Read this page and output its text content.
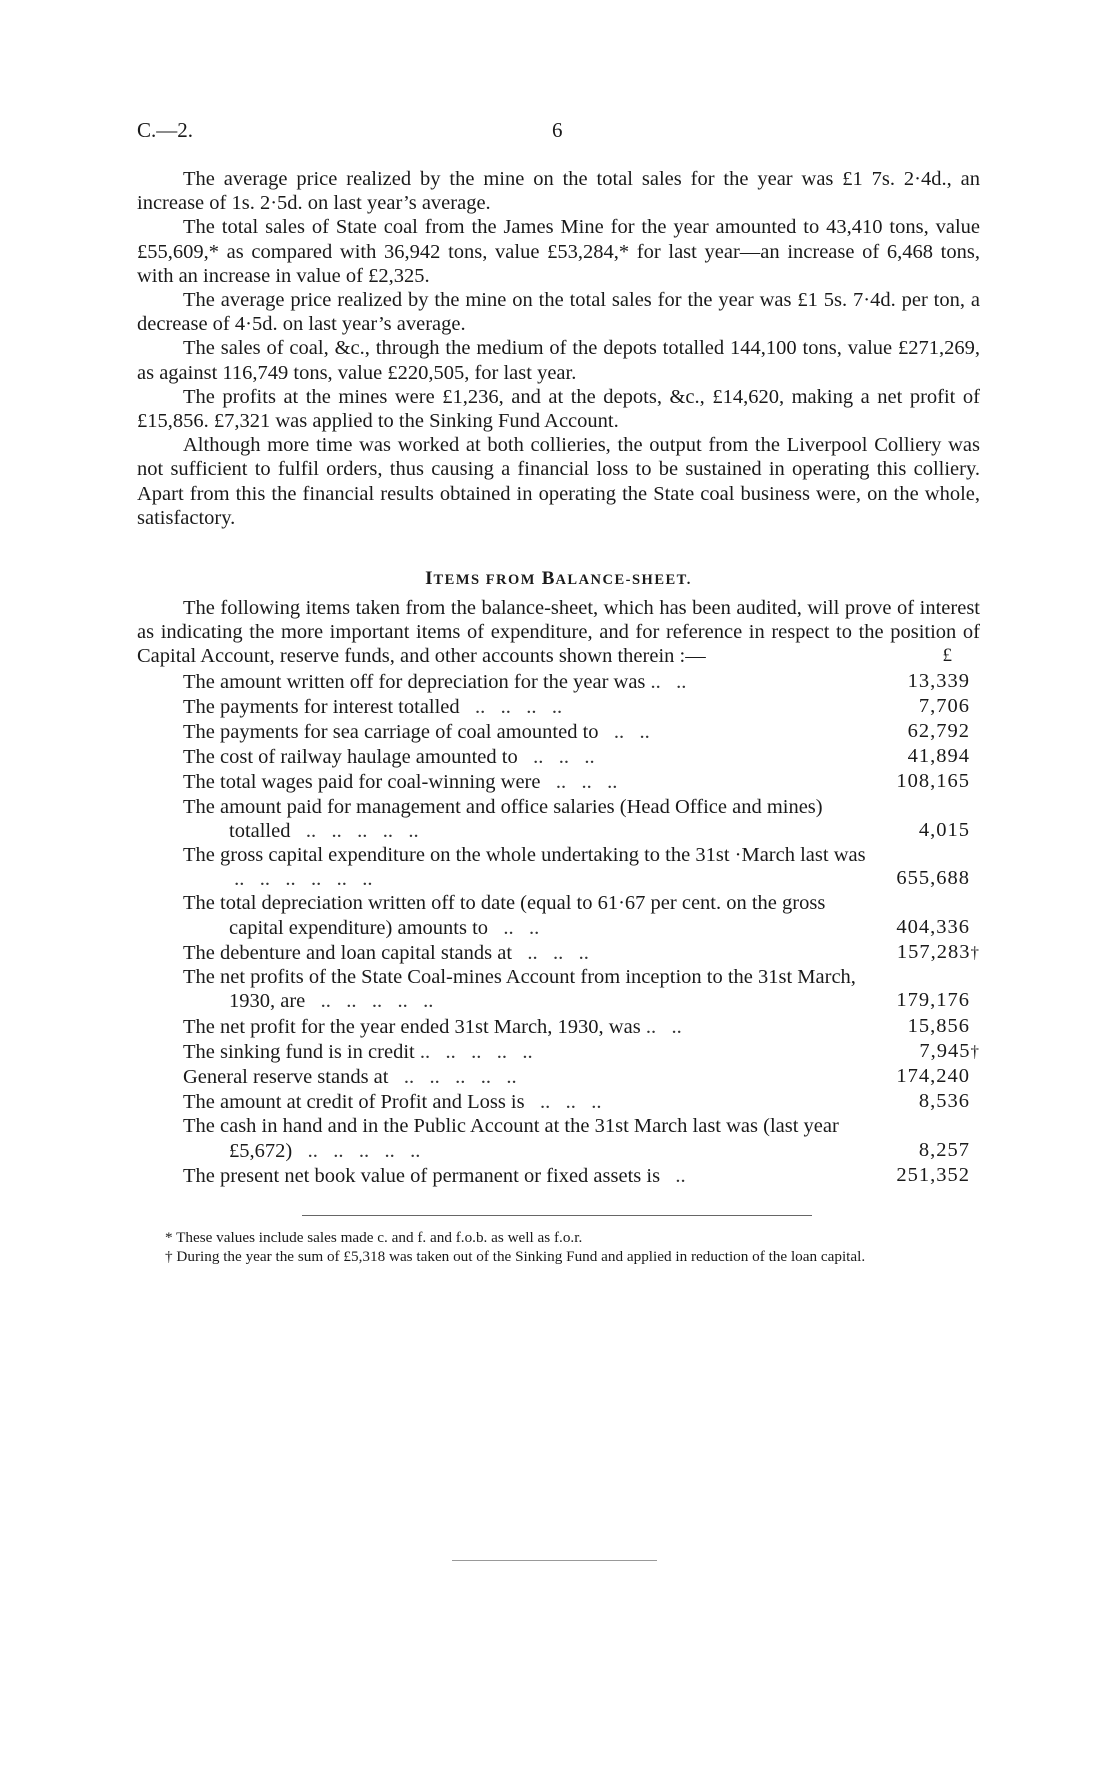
C.—2.	6

The average price realized by the mine on the total sales for the year was £1 7s. 2·4d., an increase of 1s. 2·5d. on last year’s average.

The total sales of State coal from the James Mine for the year amounted to 43,410 tons, value £55,609,* as compared with 36,942 tons, value £53,284,* for last year—an increase of 6,468 tons, with an increase in value of £2,325.

The average price realized by the mine on the total sales for the year was £1 5s. 7·4d. per ton, a decrease of 4·5d. on last year’s average.

The sales of coal, &c., through the medium of the depots totalled 144,100 tons, value £271,269, as against 116,749 tons, value £220,505, for last year.

The profits at the mines were £1,236, and at the depots, &c., £14,620, making a net profit of £15,856. £7,321 was applied to the Sinking Fund Account.

Although more time was worked at both collieries, the output from the Liverpool Colliery was not sufficient to fulfil orders, thus causing a financial loss to be sustained in operating this colliery. Apart from this the financial results obtained in operating the State coal business were, on the whole, satisfactory.

ITEMS FROM BALANCE-SHEET.

The following items taken from the balance-sheet, which has been audited, will prove of interest as indicating the more important items of expenditure, and for reference in respect to the position of Capital Account, reserve funds, and other accounts shown therein :—	£
The amount written off for depreciation for the year was ..   ..	13,339

The payments for interest totalled   ..   ..   ..   ..	7,706

The payments for sea carriage of coal amounted to   ..   ..	62,792

The cost of railway haulage amounted to   ..   ..   ..	41,894

The total wages paid for coal-winning were   ..   ..   ..	108,165

The amount paid for management and office salaries (Head Office and mines) totalled   ..   ..   ..   ..   ..	4,015

The gross capital expenditure on the whole undertaking to the 31st ·March last was ..   ..   ..   ..   ..   ..	655,688

The total depreciation written off to date (equal to 61·67 per cent. on the gross capital expenditure) amounts to   ..   ..	404,336

The debenture and loan capital stands at   ..   ..   ..	157,283†

The net profits of the State Coal-mines Account from inception to the 31st March, 1930, are   ..   ..   ..   ..   ..	179,176

The net profit for the year ended 31st March, 1930, was ..   ..	15,856

The sinking fund is in credit ..   ..   ..   ..   ..	7,945†

General reserve stands at   ..   ..   ..   ..   ..	174,240

The amount at credit of Profit and Loss is   ..   ..   ..	8,536

The cash in hand and in the Public Account at the 31st March last was (last year £5,672)   ..   ..   ..   ..   ..	8,257

The present net book value of permanent or fixed assets is   ..	251,352

* These values include sales made c. and f. and f.o.b. as well as f.o.r.

† During the year the sum of £5,318 was taken out of the Sinking Fund and applied in reduction of the loan capital.
